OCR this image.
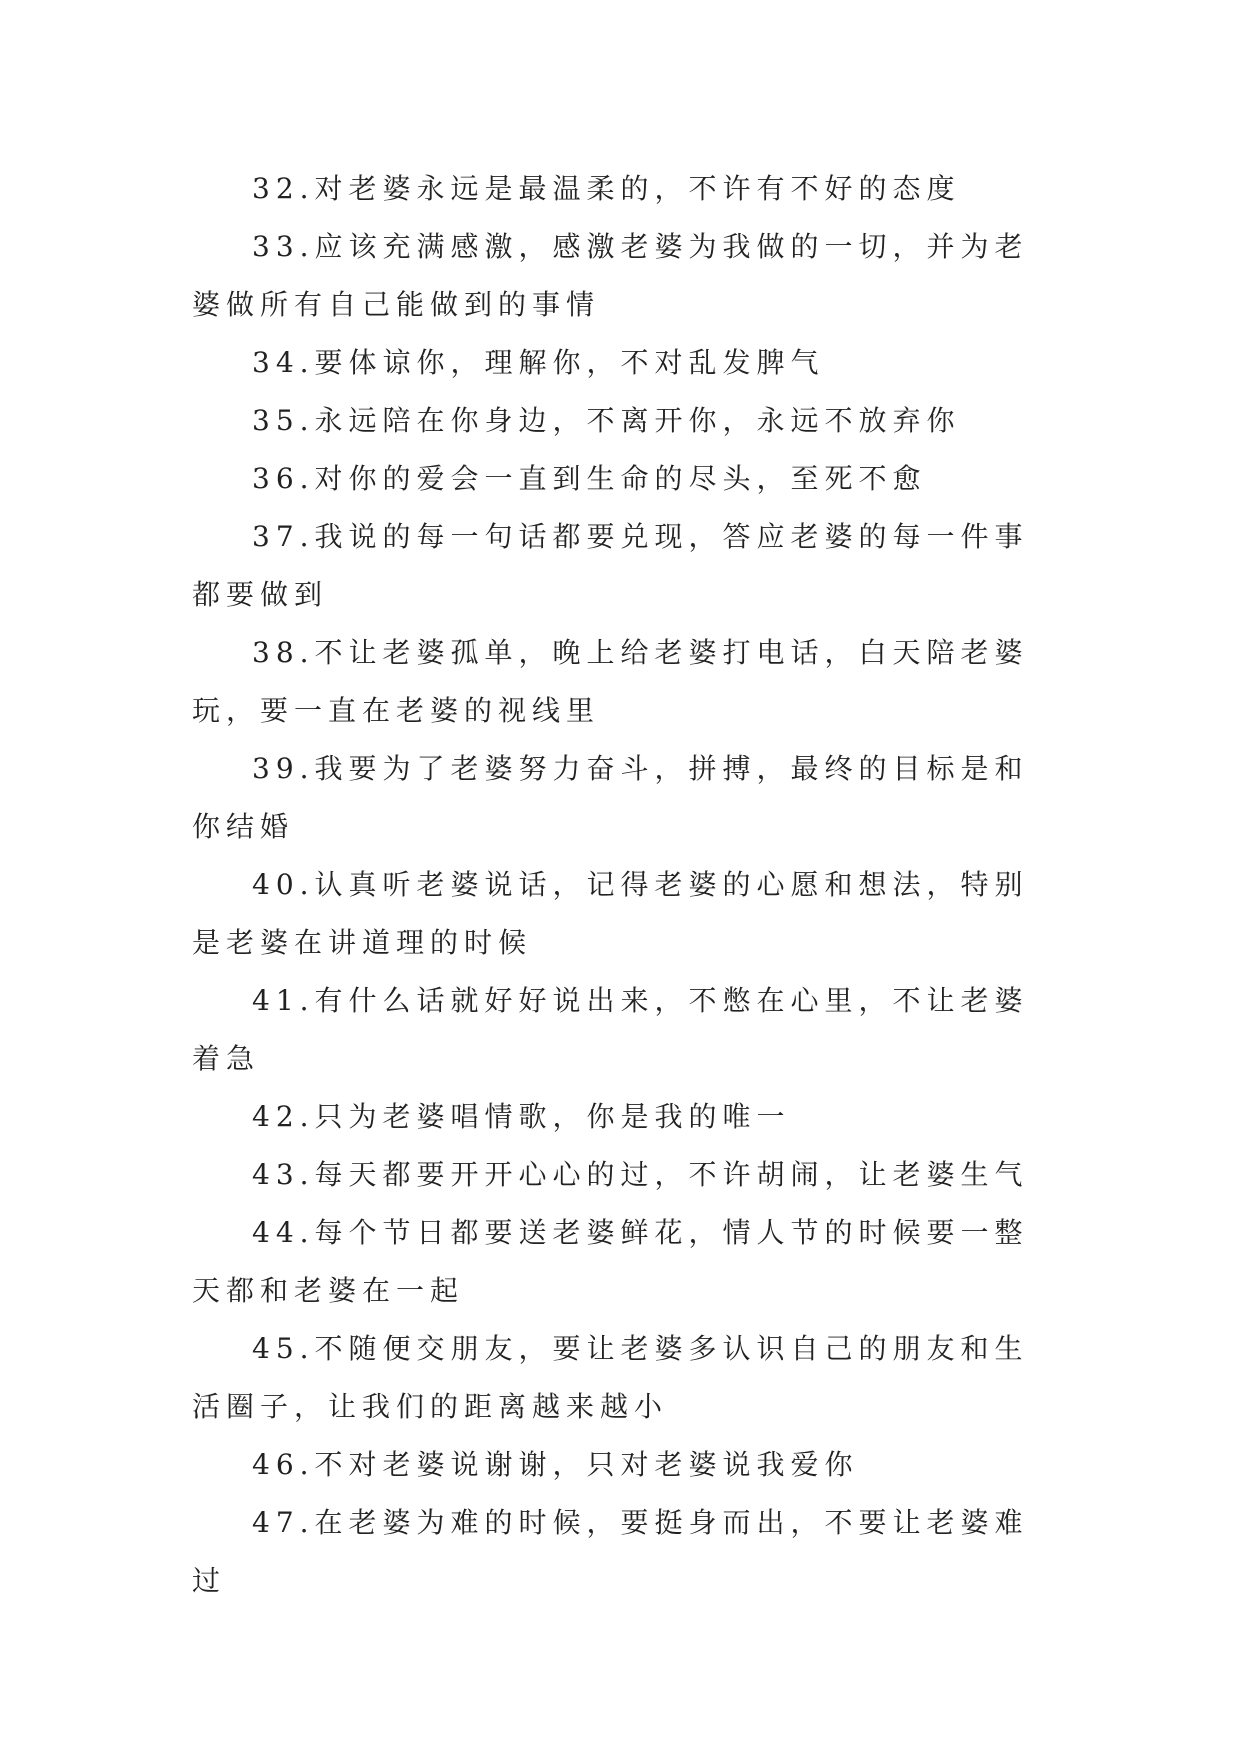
32.对老婆永远是最温柔的，不许有不好的态度

33.应该充满感激，感激老婆为我做的一切，并为老婆做所有自己能做到的事情

34.要体谅你，理解你，不对乱发脾气

35.永远陪在你身边，不离开你，永远不放弃你

36.对你的爱会一直到生命的尽头，至死不愈

37.我说的每一句话都要兑现，答应老婆的每一件事都要做到

38.不让老婆孤单，晚上给老婆打电话，白天陪老婆玩，要一直在老婆的视线里

39.我要为了老婆努力奋斗，拼搏，最终的目标是和你结婚

40.认真听老婆说话，记得老婆的心愿和想法，特别是老婆在讲道理的时候

41.有什么话就好好说出来，不憋在心里，不让老婆着急

42.只为老婆唱情歌，你是我的唯一

43.每天都要开开心心的过，不许胡闹，让老婆生气

44.每个节日都要送老婆鲜花，情人节的时候要一整天都和老婆在一起

45.不随便交朋友，要让老婆多认识自己的朋友和生活圈子，让我们的距离越来越小

46.不对老婆说谢谢，只对老婆说我爱你

47.在老婆为难的时候，要挺身而出，不要让老婆难过
